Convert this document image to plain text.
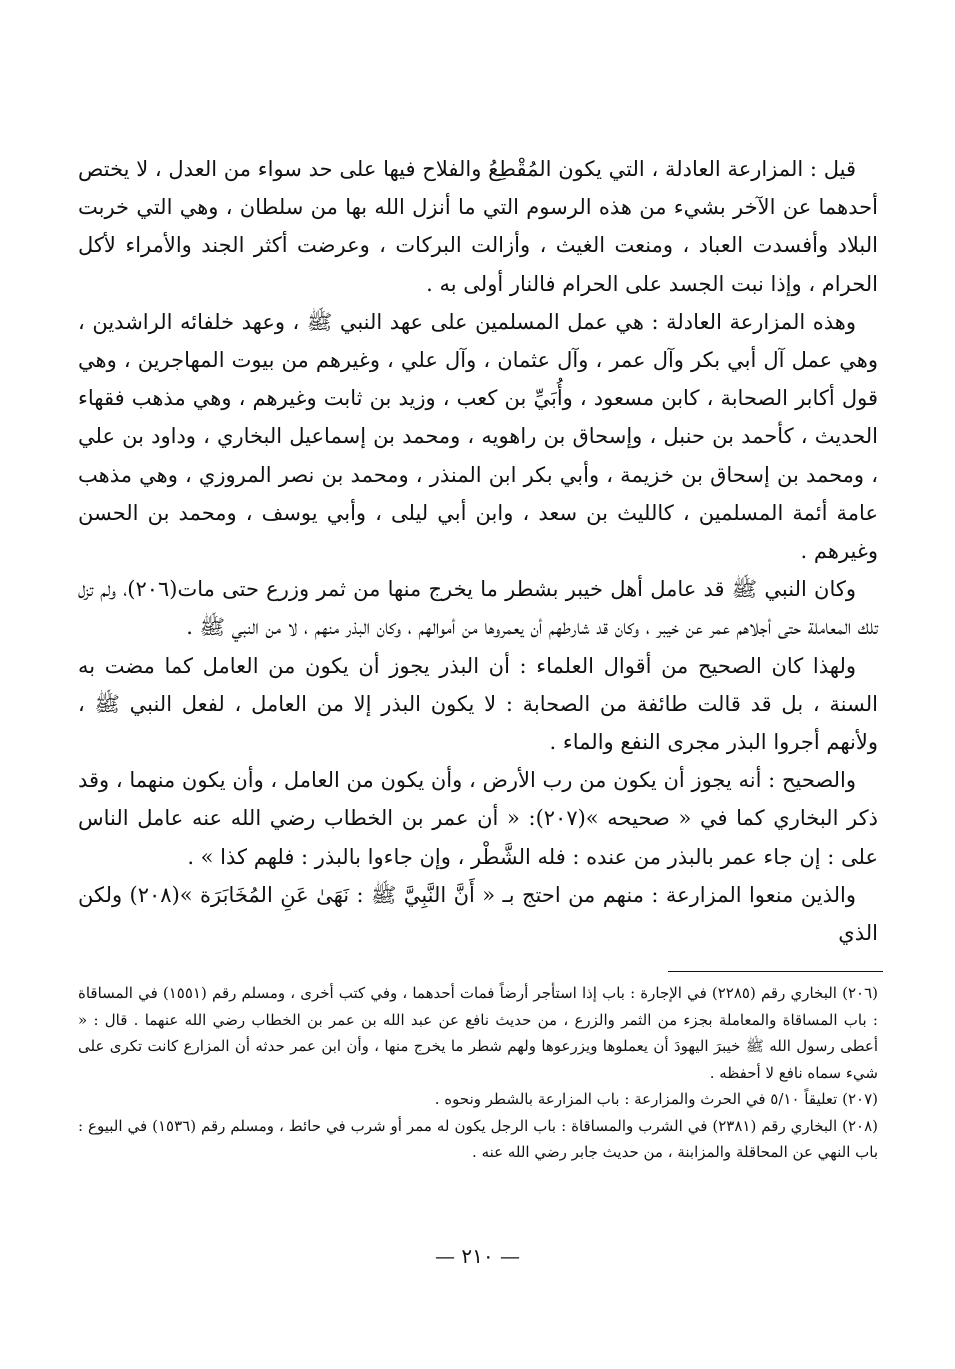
قيل : المزارعة العادلة ، التي يكون المُقْطِعُ والفلاح فيها على حد سواء من العدل ، لا يختص أحدهما عن الآخر بشيء من هذه الرسوم التي ما أنزل الله بها من سلطان ، وهي التي خربت البلاد وأفسدت العباد ، ومنعت الغيث ، وأزالت البركات ، وعرضت أكثر الجند والأمراء لأكل الحرام ، وإذا نبت الجسد على الحرام فالنار أولى به .

وهذه المزارعة العادلة : هي عمل المسلمين على عهد النبي ﷺ ، وعهد خلفائه الراشدين ، وهي عمل آل أبي بكر وآل عمر ، وآل عثمان ، وآل علي ، وغيرهم من بيوت المهاجرين ، وهي قول أكابر الصحابة ، كابن مسعود ، وأُبَيِّ بن كعب ، وزيد بن ثابت وغيرهم ، وهي مذهب فقهاء الحديث ، كأحمد بن حنبل ، وإسحاق بن راهويه ، ومحمد بن إسماعيل البخاري ، وداود بن علي ، ومحمد بن إسحاق بن خزيمة ، وأبي بكر ابن المنذر ، ومحمد بن نصر المروزي ، وهي مذهب عامة أئمة المسلمين ، كالليث بن سعد ، وابن أبي ليلى ، وأبي يوسف ، ومحمد بن الحسن وغيرهم .

وكان النبي ﷺ قد عامل أهل خيبر بشطر ما يخرج منها من ثمر وزرع حتى مات(٢٠٦)، ولم تزل تلك المعاملة حتى أجلاهم عمر عن خيبر ، وكان قد شارطهم أن يعمروها من أموالهم ، وكان البذر منهم ، لا من النبي ﷺ .

ولهذا كان الصحيح من أقوال العلماء : أن البذر يجوز أن يكون من العامل كما مضت به السنة ، بل قد قالت طائفة من الصحابة : لا يكون البذر إلا من العامل ، لفعل النبي ﷺ ، ولأنهم أجروا البذر مجرى النفع والماء .

والصحيح : أنه يجوز أن يكون من رب الأرض ، وأن يكون من العامل ، وأن يكون منهما ، وقد ذكر البخاري كما في « صحيحه »(٢٠٧): « أن عمر بن الخطاب رضي الله عنه عامل الناس على : إن جاء عمر بالبذر من عنده : فله الشَّطْر ، وإن جاءوا بالبذر : فلهم كذا » .

والذين منعوا المزارعة : منهم من احتج بـ « أَنَّ النَّبِيَّ ﷺ : نَهَىٰ عَنِ المُخَابَرَة »(٢٠٨) ولكن الذي

(٢٠٦) البخاري رقم (٢٢٨٥) في الإجارة : باب إذا استأجر أرضاً فمات أحدهما ، وفي كتب أخرى ، ومسلم رقم (١٥٥١) في المساقاة : باب المساقاة والمعاملة بجزء من الثمر والزرع ، من حديث نافع عن عبد الله بن عمر بن الخطاب رضي الله عنهما . قال : « أعطى رسول الله ﷺ خيبرَ اليهودَ أن يعملوها ويزرعوها ولهم شطر ما يخرج منها ، وأن ابن عمر حدثه أن المزارع كانت تكرى على شيء سماه نافع لا أحفظه .

(٢٠٧) تعليقاً ٥/١٠ في الحرث والمزارعة : باب المزارعة بالشطر ونحوه .

(٢٠٨) البخاري رقم (٢٣٨١) في الشرب والمساقاة : باب الرجل يكون له ممر أو شرب في حائط ، ومسلم رقم (١٥٣٦) في البيوع : باب النهي عن المحاقلة والمزابنة ، من حديث جابر رضي الله عنه .

— ٢١٠ —
